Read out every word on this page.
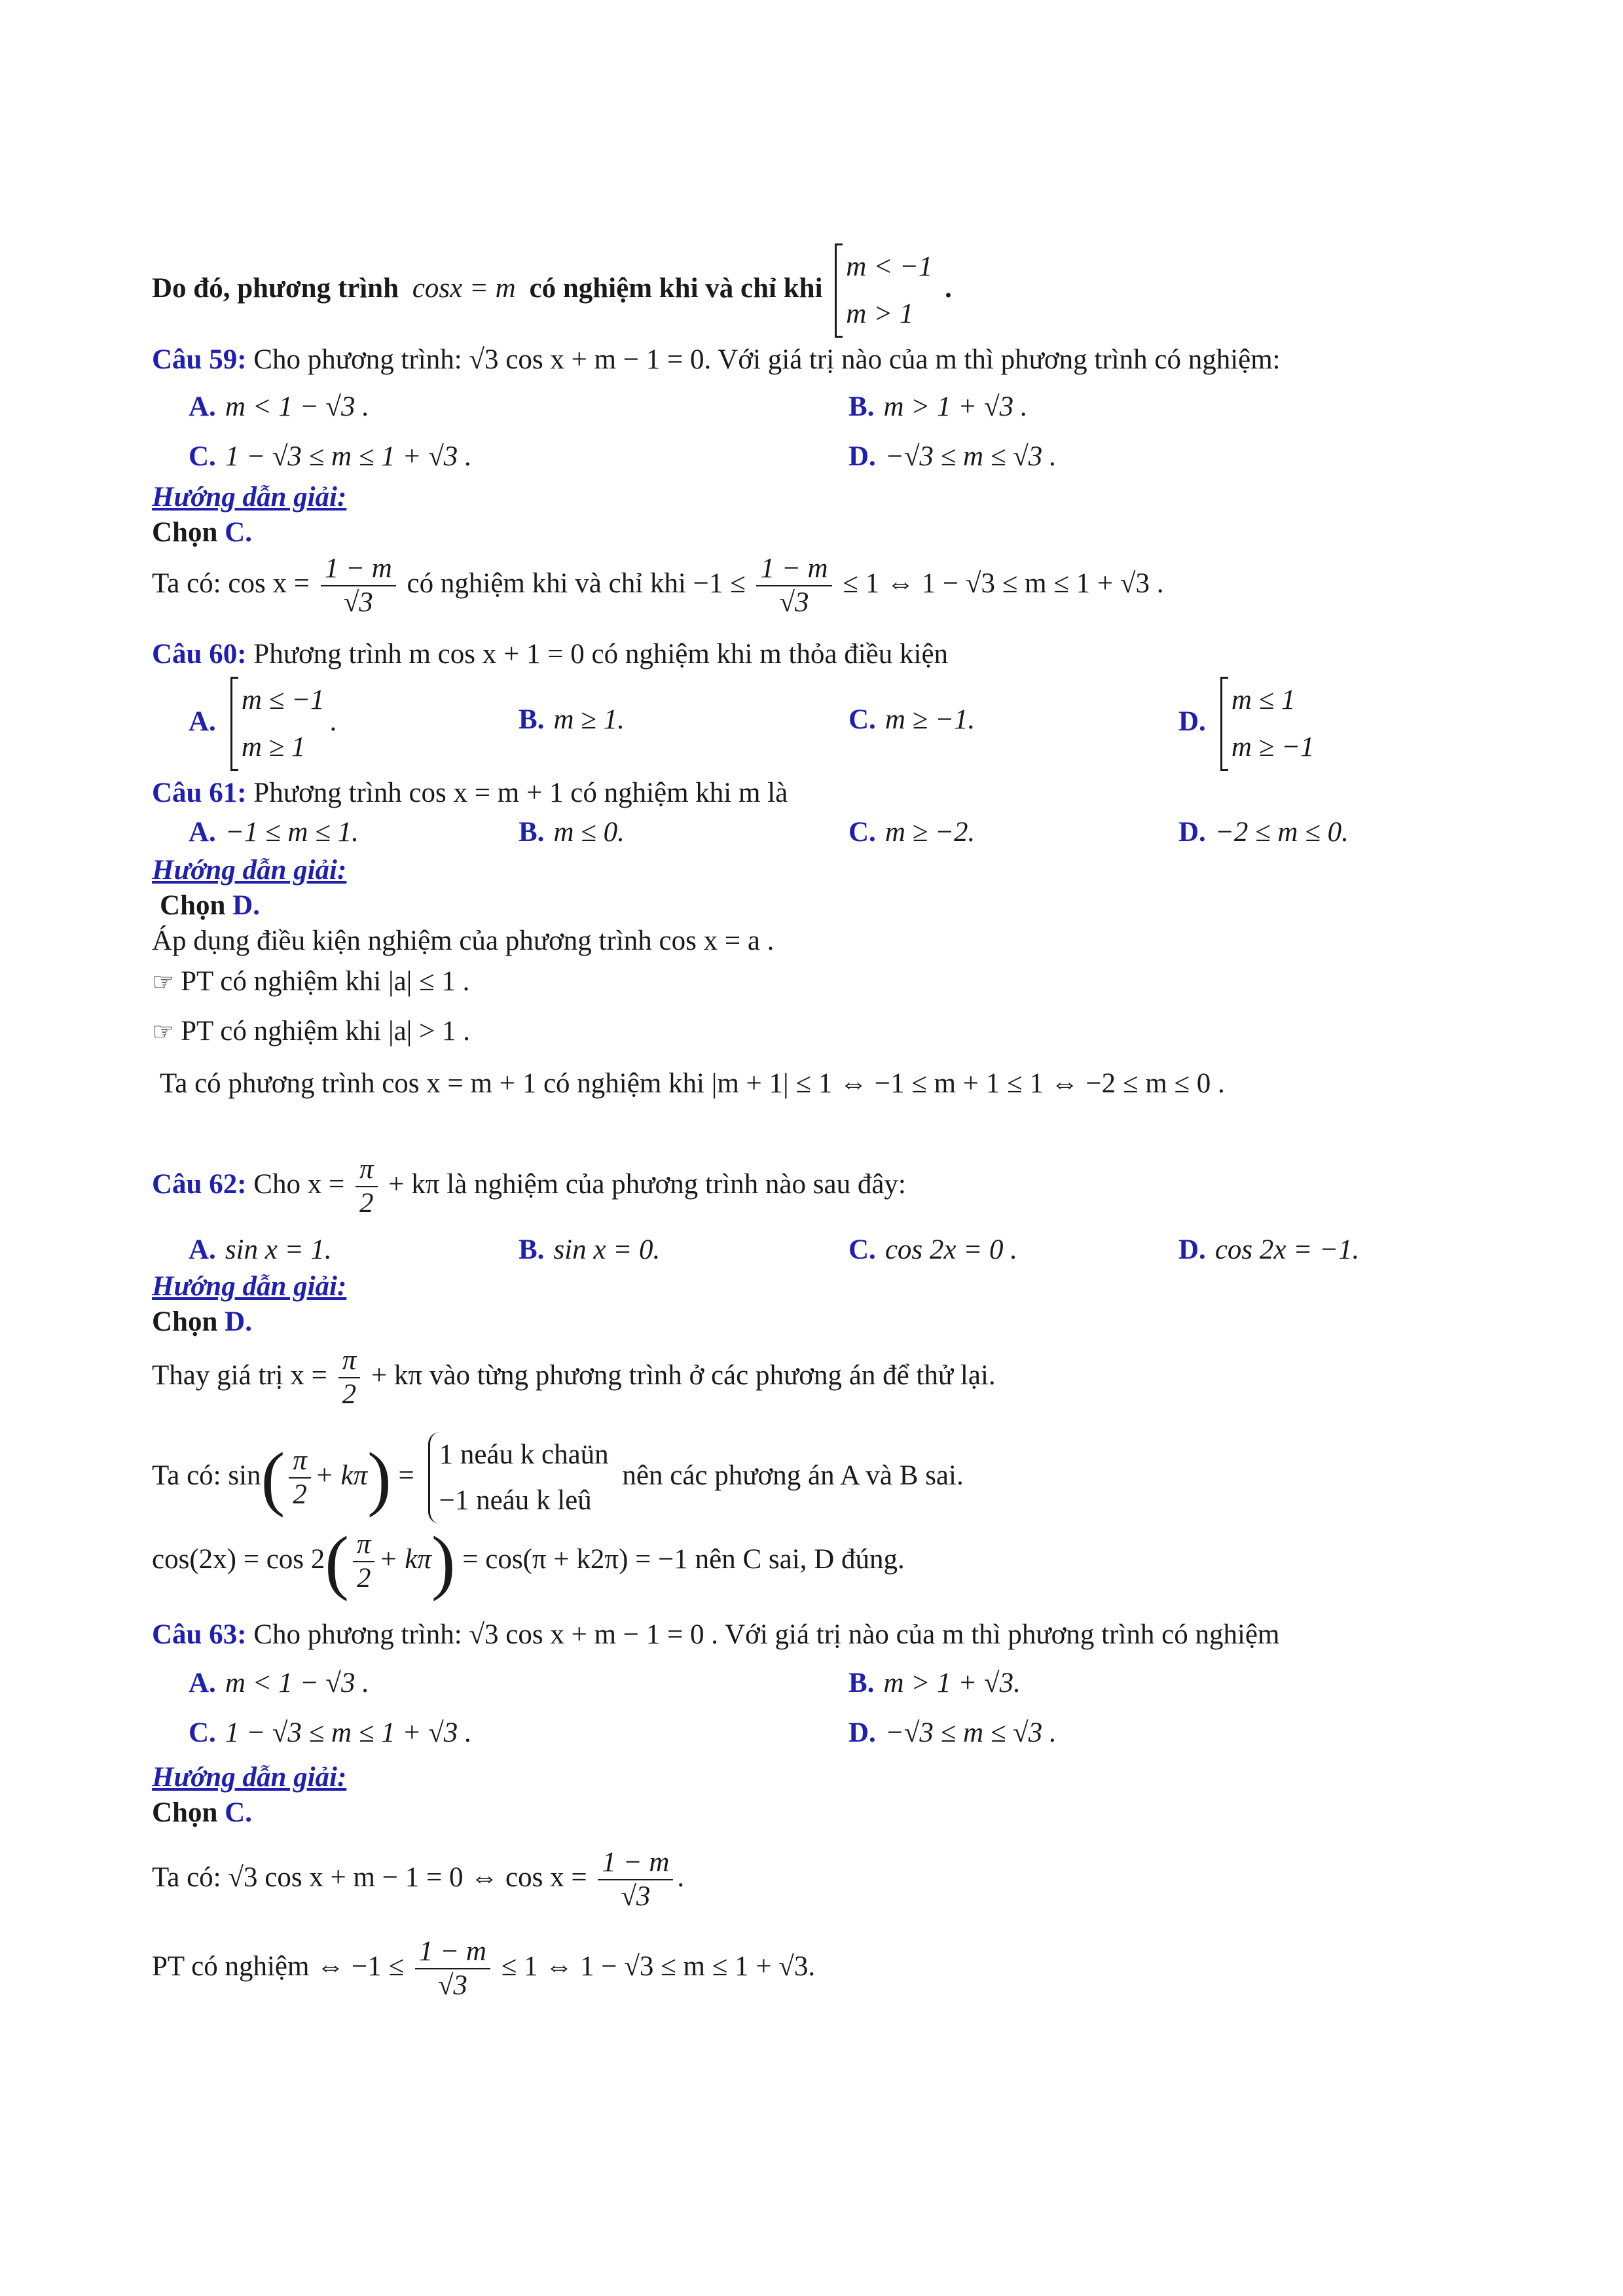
Do đó, phương trình cosx = m có nghiệm khi và chỉ khi
m < −1
m > 1
.
Câu 59: Cho phương trình: √3 cos x + m − 1 = 0. Với giá trị nào của m thì phương trình có nghiệm:
A. m < 1 − √3 .	B. m > 1 + √3 .
C. 1 − √3 ≤ m ≤ 1 + √3 .	D. −√3 ≤ m ≤ √3 .
Hướng dẫn giải:
Chọn C.
Ta có: $\cos x = \frac{1 - m}{√3}$ có nghiệm khi và chỉ khi $-1 \le \frac{1 - m}{√3} \le 1$ ⇔ 1 − √3 ≤ m ≤ 1 + √3 .
Câu 60: Phương trình m cos x + 1 = 0 có nghiệm khi m thỏa điều kiện
A.
m ≤ −1
m ≥ 1
.	B. m ≥ 1.	C. m ≥ −1.	D.
m ≤ 1
m ≥ −1
Câu 61: Phương trình cos x = m + 1 có nghiệm khi m là
A. −1 ≤ m ≤ 1.	B. m ≤ 0.	C. m ≥ −2.	D. −2 ≤ m ≤ 0.
Hướng dẫn giải:
Chọn D.
Áp dụng điều kiện nghiệm của phương trình cos x = a .
☞ PT có nghiệm khi |a| ≤ 1 .
☞ PT có nghiệm khi |a| > 1 .
Ta có phương trình cos x = m + 1 có nghiệm khi |m + 1| ≤ 1 ⇔ −1 ≤ m + 1 ≤ 1 ⇔ −2 ≤ m ≤ 0 .
Câu 62: Cho $x = \frac{\pi}{2} + k\pi$ là nghiệm của phương trình nào sau đây:
A. sin x = 1.	B. sin x = 0.	C. cos 2x = 0 .	D. cos 2x = −1.
Hướng dẫn giải:
Chọn D.
Thay giá trị $x = \frac{\pi}{2} + k\pi$ vào từng phương trình ở các phương án để thử lại.
Ta có: $\sin( \frac{\pi}{2} + k\pi)$ =
1 neáu k chaün
−1 neáu k leû
nên các phương án A và B sai.
$\cos(2x) = \cos 2( \frac{\pi}{2} + k\pi) = \cos(\pi + k2\pi) = -1$ nên C sai, D đúng.
Câu 63: Cho phương trình: √3 cos x + m − 1 = 0 . Với giá trị nào của m thì phương trình có nghiệm
A. m < 1 − √3 .	B. m > 1 + √3.
C. 1 − √3 ≤ m ≤ 1 + √3 .	D. −√3 ≤ m ≤ √3 .
Hướng dẫn giải:
Chọn C.
Ta có: √3 cos x + m − 1 = 0 ⇔ $\cos x = \frac{1 - m}{√3}$ .
PT có nghiệm ⇔ $-1 \le \frac{1 - m}{√3} \le 1$ ⇔ 1 − √3 ≤ m ≤ 1 + √3.
